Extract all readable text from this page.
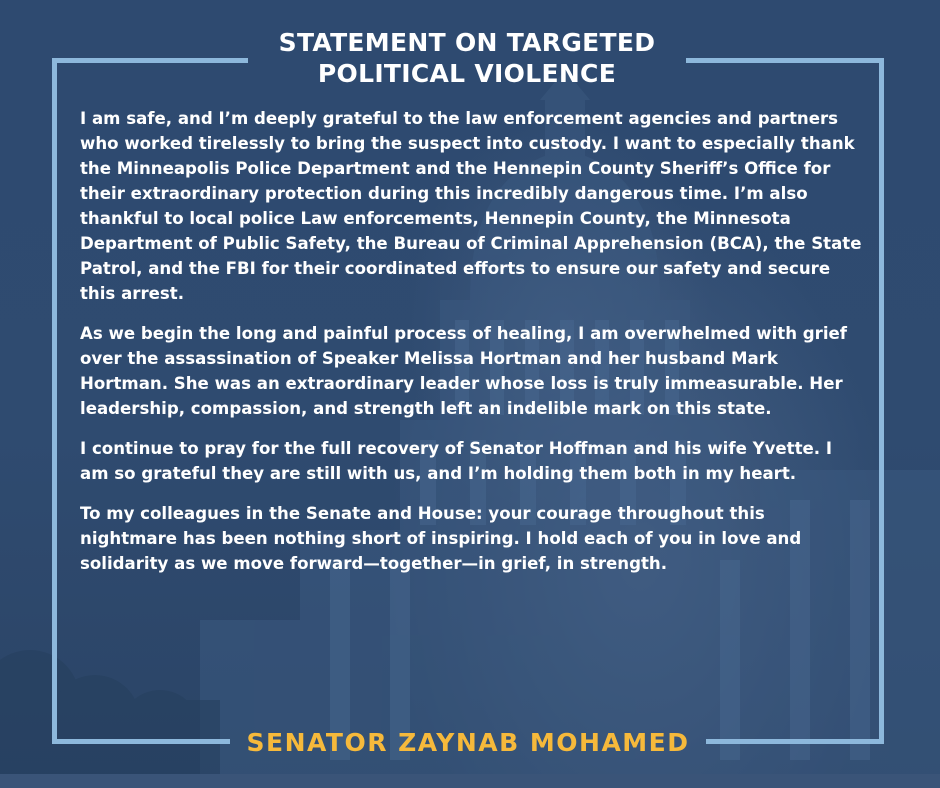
STATEMENT ON TARGETED
POLITICAL VIOLENCE

I am safe, and I’m deeply grateful to the law enforcement agencies and partners who worked tirelessly to bring the suspect into custody. I want to especially thank the Minneapolis Police Department and the Hennepin County Sheriff’s Office for their extraordinary protection during this incredibly dangerous time. I’m also thankful to local police Law enforcements, Hennepin County, the Minnesota Department of Public Safety, the Bureau of Criminal Apprehension (BCA), the State Patrol, and the FBI for their coordinated efforts to ensure our safety and secure this arrest.

As we begin the long and painful process of healing, I am overwhelmed with grief over the assassination of Speaker Melissa Hortman and her husband Mark Hortman. She was an extraordinary leader whose loss is truly immeasurable. Her leadership, compassion, and strength left an indelible mark on this state.

I continue to pray for the full recovery of Senator Hoffman and his wife Yvette. I am so grateful they are still with us, and I’m holding them both in my heart.

To my colleagues in the Senate and House: your courage throughout this nightmare has been nothing short of inspiring. I hold each of you in love and solidarity as we move forward—together—in grief, in strength.

SENATOR ZAYNAB MOHAMED
